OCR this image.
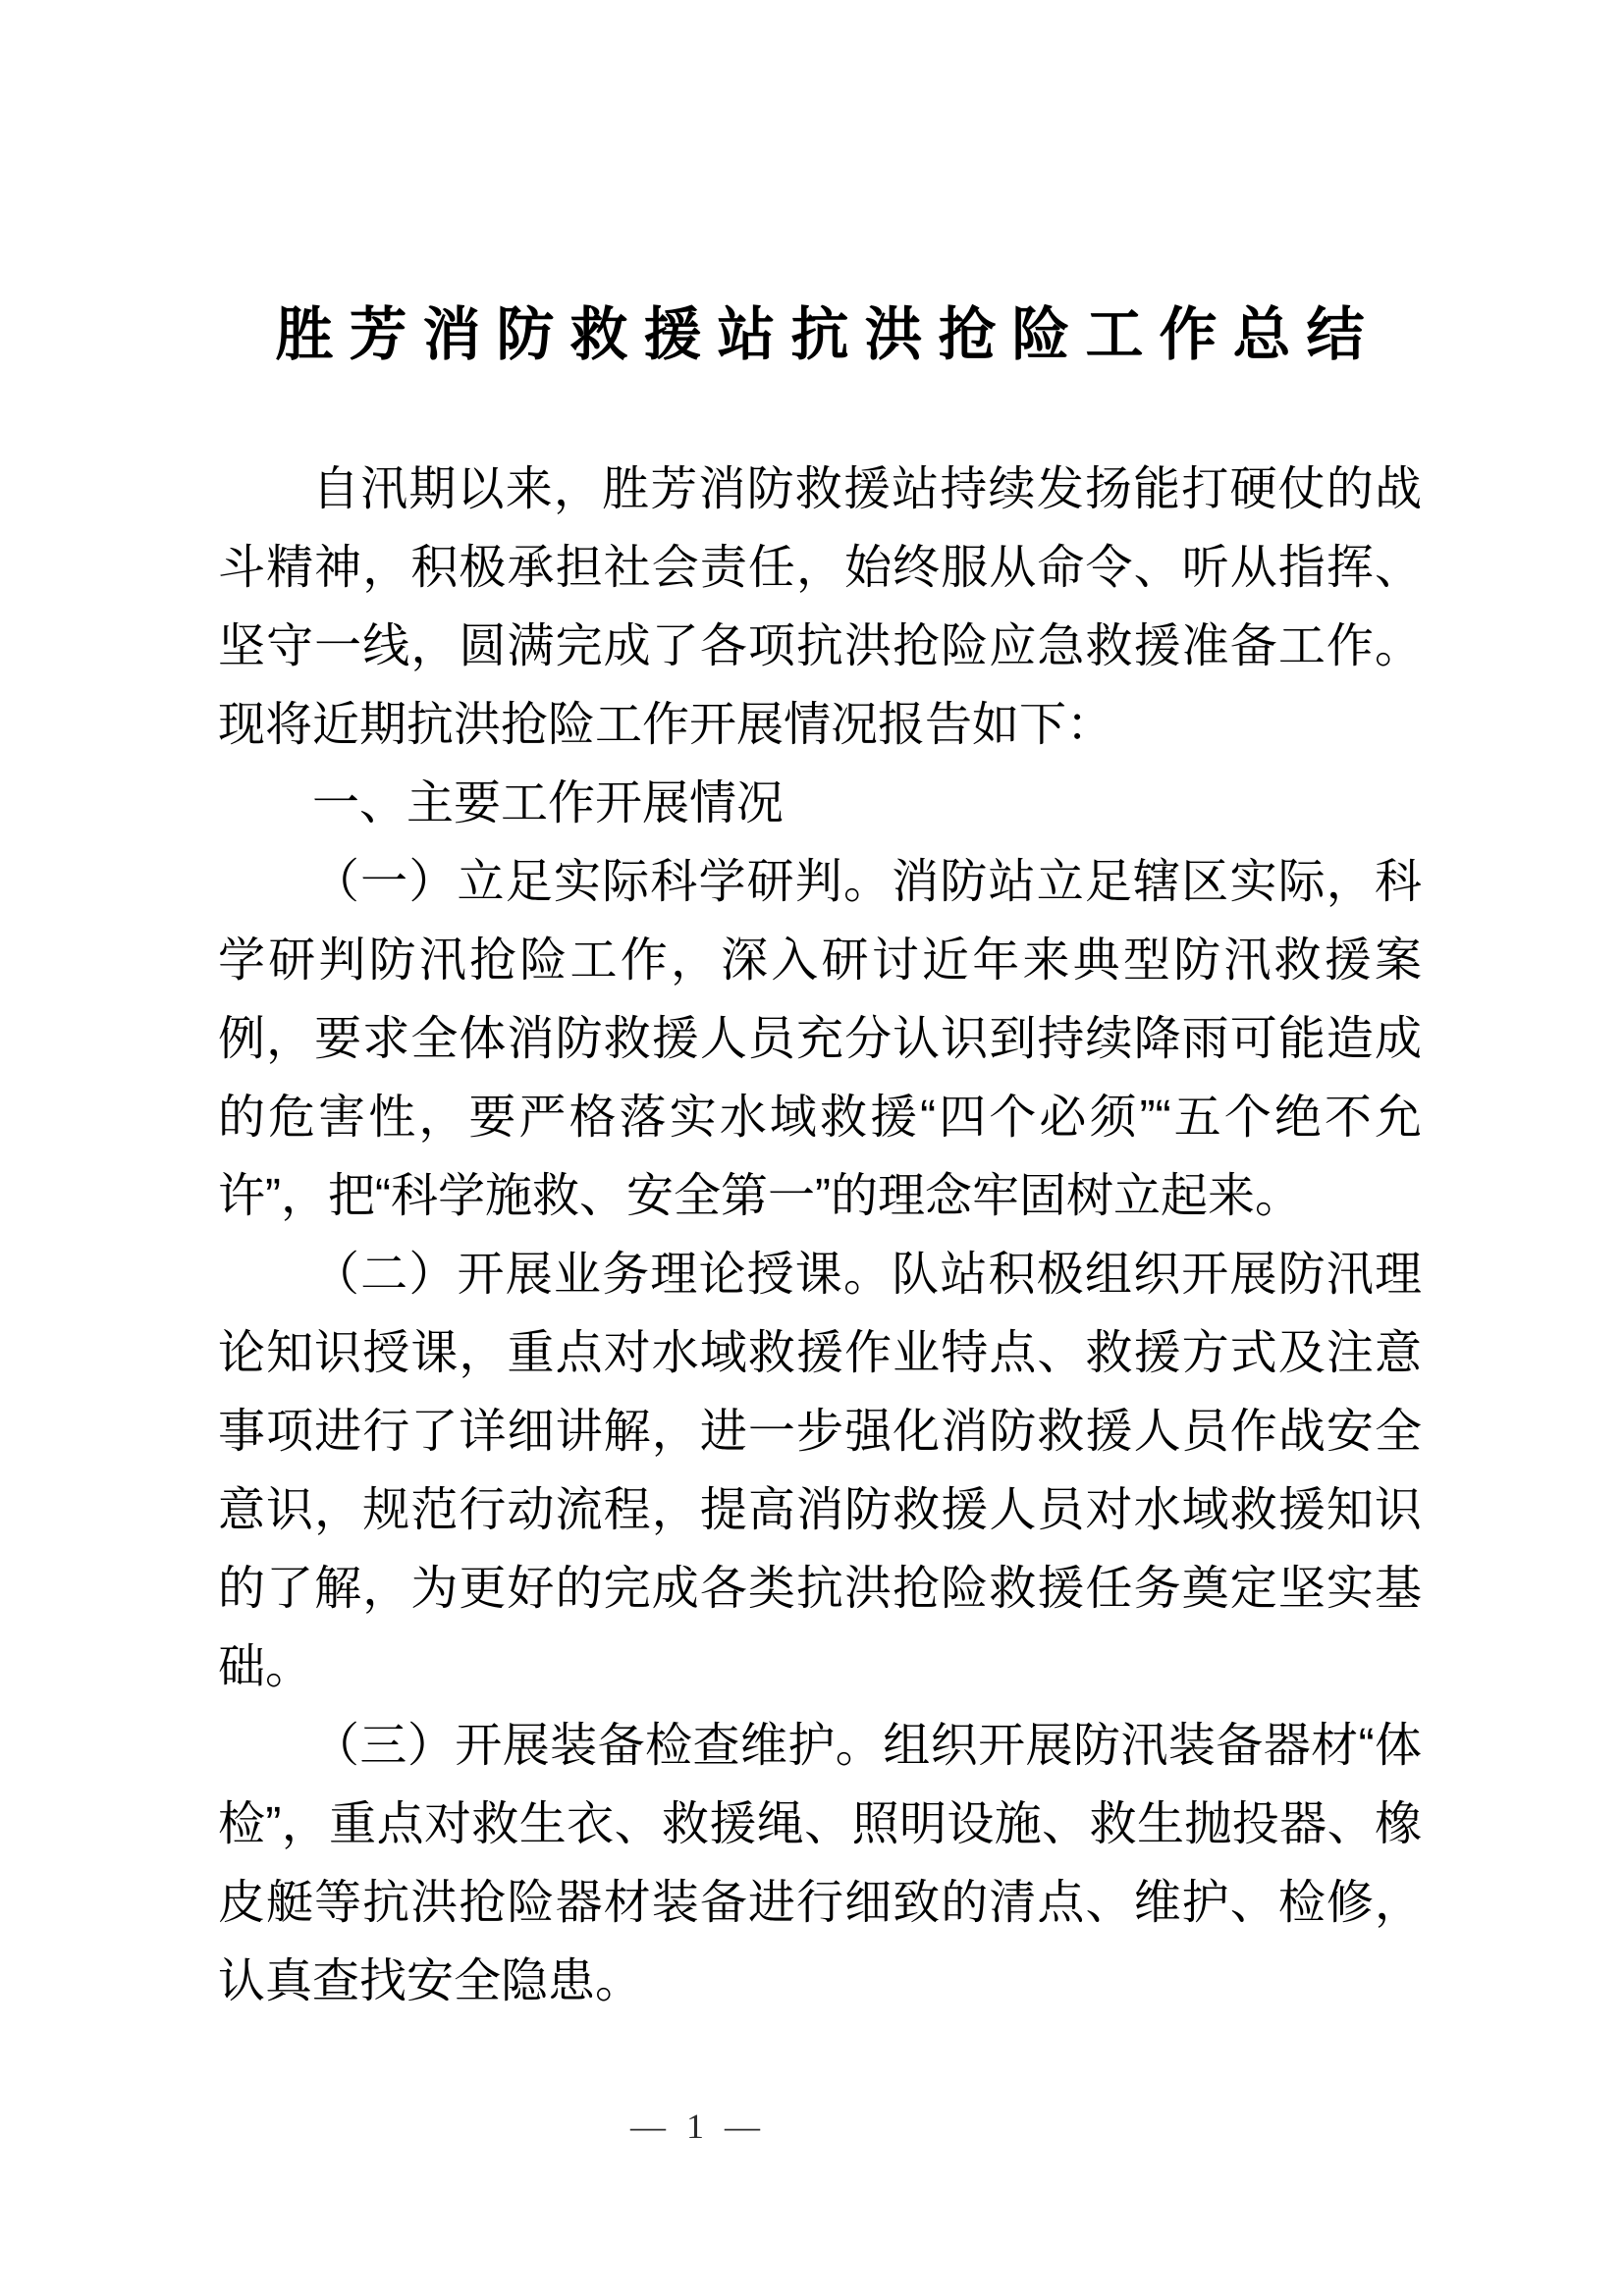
胜芳消防救援站抗洪抢险工作总结

自汛期以来，胜芳消防救援站持续发扬能打硬仗的战斗精神，积极承担社会责任，始终服从命令、听从指挥、坚守一线，圆满完成了各项抗洪抢险应急救援准备工作。现将近期抗洪抢险工作开展情况报告如下：

一、主要工作开展情况

（一）立足实际科学研判。消防站立足辖区实际，科学研判防汛抢险工作，深入研讨近年来典型防汛救援案例，要求全体消防救援人员充分认识到持续降雨可能造成的危害性，要严格落实水域救援“四个必须”“五个绝不允许”，把“科学施救、安全第一”的理念牢固树立起来。

（二）开展业务理论授课。队站积极组织开展防汛理论知识授课，重点对水域救援作业特点、救援方式及注意事项进行了详细讲解，进一步强化消防救援人员作战安全意识，规范行动流程，提高消防救援人员对水域救援知识的了解，为更好的完成各类抗洪抢险救援任务奠定坚实基础。

（三）开展装备检查维护。组织开展防汛装备器材“体检”，重点对救生衣、救援绳、照明设施、救生抛投器、橡皮艇等抗洪抢险器材装备进行细致的清点、维护、检修，认真查找安全隐患。

— 1 —
